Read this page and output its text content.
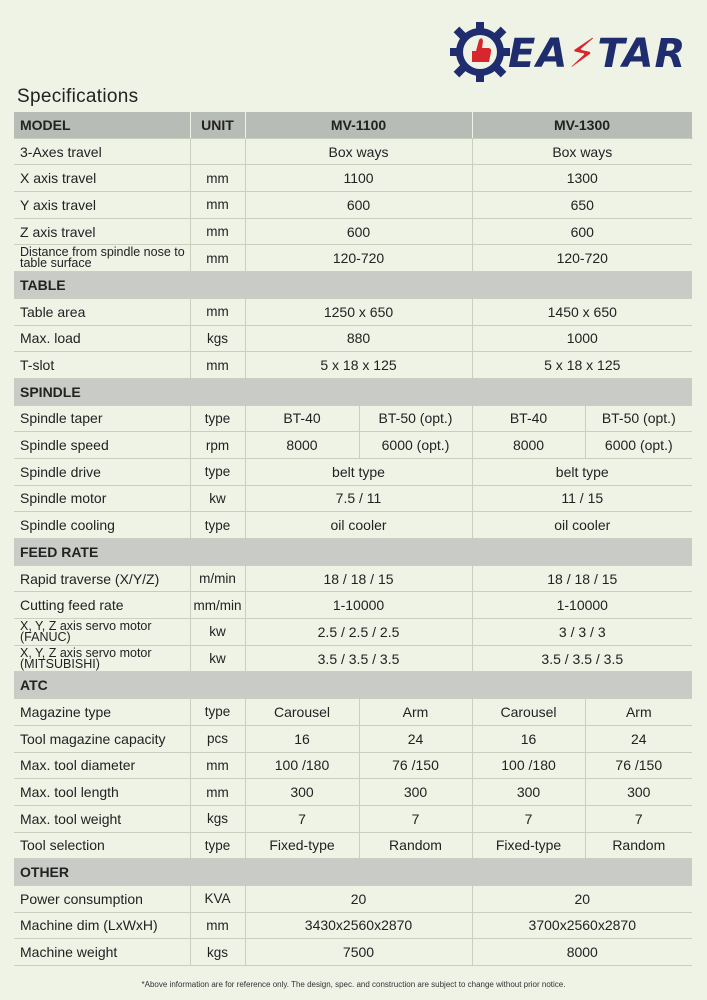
EA⚡TAR
Specifications
MODEL	UNIT	MV-1100		MV-1300	
3-Axes travel		Box ways		Box ways	
X axis travel	mm	1100		1300	
Y axis travel	mm	600		650	
Z axis travel	mm	600		600	
Distance from spindle nose to table surface	mm	120-720		120-720	
TABLE					
Table area	mm	1250 x 650		1450 x 650	
Max. load	kgs	880		1000	
T-slot	mm	5 x 18 x 125		5 x 18 x 125	
SPINDLE					
Spindle taper	type	BT-40	BT-50 (opt.)	BT-40	BT-50 (opt.)
Spindle speed	rpm	8000	6000 (opt.)	8000	6000 (opt.)
Spindle drive	type	belt type		belt type	
Spindle motor	kw	7.5 / 11		11 / 15	
Spindle cooling	type	oil cooler		oil cooler	
FEED RATE					
Rapid traverse (X/Y/Z)	m/min	18 / 18 / 15		18 / 18 / 15	
Cutting feed rate	mm/min	1-10000		1-10000	
X, Y, Z axis servo motor (FANUC)	kw	2.5 / 2.5 / 2.5		3 / 3 / 3	
X, Y, Z axis servo motor (MITSUBISHI)	kw	3.5 / 3.5 / 3.5		3.5 / 3.5 / 3.5	
ATC					
Magazine type	type	Carousel	Arm	Carousel	Arm
Tool magazine capacity	pcs	16	24	16	24
Max. tool diameter	mm	100 /180	76 /150	100 /180	76 /150
Max. tool length	mm	300	300	300	300
Max. tool weight	kgs	7	7	7	7
Tool selection	type	Fixed-type	Random	Fixed-type	Random
OTHER					
Power consumption	KVA	20		20	
Machine dim (LxWxH)	mm	3430x2560x2870		3700x2560x2870	
Machine weight	kgs	7500		8000	
*Above information are for reference only. The design, spec. and construction are subject to change without prior notice.
